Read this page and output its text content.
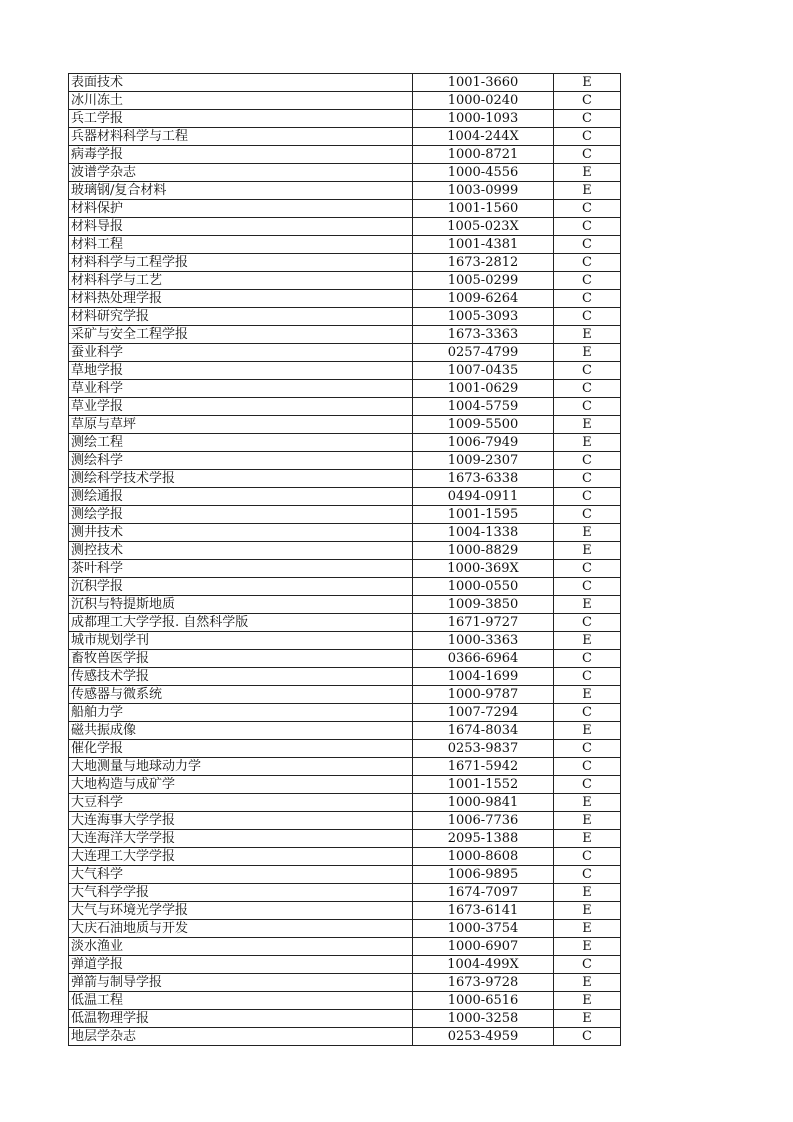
表面技术	1001-3660	E
冰川冻土	1000-0240	C
兵工学报	1000-1093	C
兵器材料科学与工程	1004-244X	C
病毒学报	1000-8721	C
波谱学杂志	1000-4556	E
玻璃钢/复合材料	1003-0999	E
材料保护	1001-1560	C
材料导报	1005-023X	C
材料工程	1001-4381	C
材料科学与工程学报	1673-2812	C
材料科学与工艺	1005-0299	C
材料热处理学报	1009-6264	C
材料研究学报	1005-3093	C
采矿与安全工程学报	1673-3363	E
蚕业科学	0257-4799	E
草地学报	1007-0435	C
草业科学	1001-0629	C
草业学报	1004-5759	C
草原与草坪	1009-5500	E
测绘工程	1006-7949	E
测绘科学	1009-2307	C
测绘科学技术学报	1673-6338	C
测绘通报	0494-0911	C
测绘学报	1001-1595	C
测井技术	1004-1338	E
测控技术	1000-8829	E
茶叶科学	1000-369X	C
沉积学报	1000-0550	C
沉积与特提斯地质	1009-3850	E
成都理工大学学报. 自然科学版	1671-9727	C
城市规划学刊	1000-3363	E
畜牧兽医学报	0366-6964	C
传感技术学报	1004-1699	C
传感器与微系统	1000-9787	E
船舶力学	1007-7294	C
磁共振成像	1674-8034	E
催化学报	0253-9837	C
大地测量与地球动力学	1671-5942	C
大地构造与成矿学	1001-1552	C
大豆科学	1000-9841	E
大连海事大学学报	1006-7736	E
大连海洋大学学报	2095-1388	E
大连理工大学学报	1000-8608	C
大气科学	1006-9895	C
大气科学学报	1674-7097	E
大气与环境光学学报	1673-6141	E
大庆石油地质与开发	1000-3754	E
淡水渔业	1000-6907	E
弹道学报	1004-499X	C
弹箭与制导学报	1673-9728	E
低温工程	1000-6516	E
低温物理学报	1000-3258	E
地层学杂志	0253-4959	C
